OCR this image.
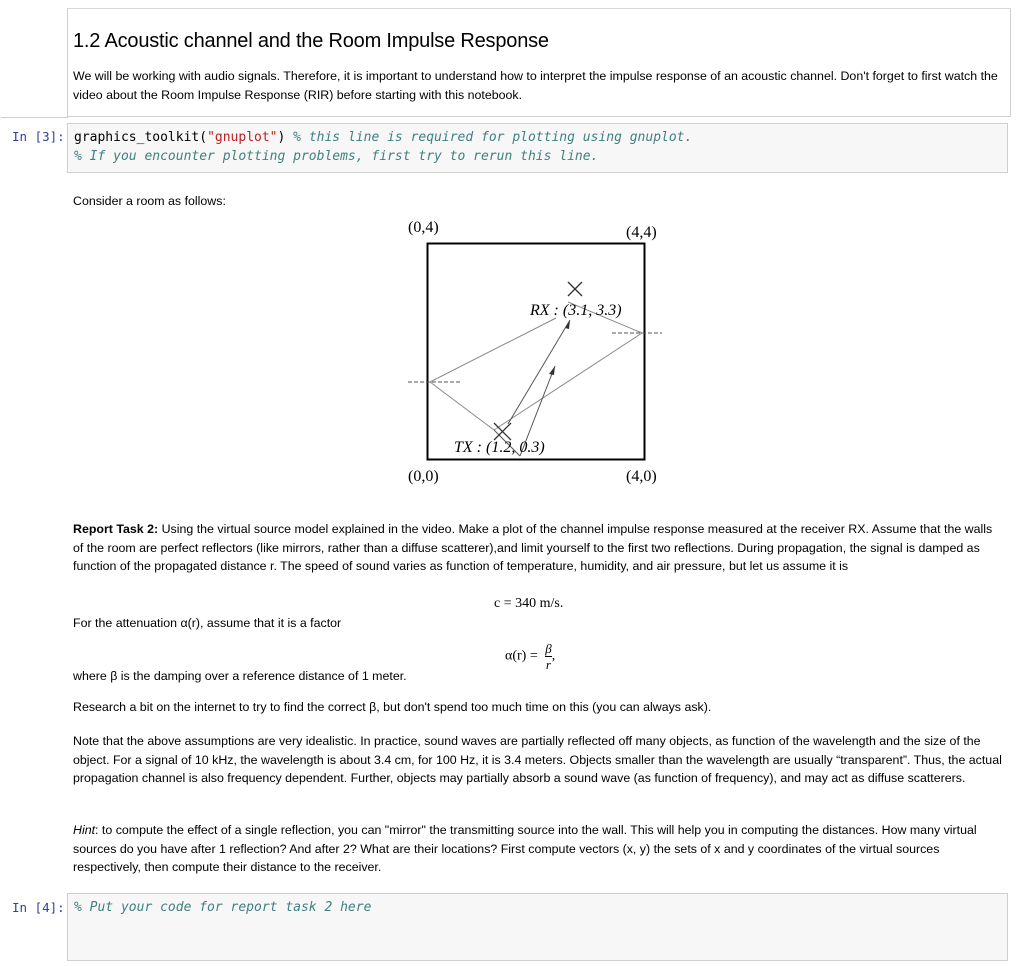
1.2 Acoustic channel and the Room Impulse Response

We will be working with audio signals. Therefore, it is important to understand how to interpret the impulse response of an acoustic channel. Don't forget to first watch the video about the Room Impulse Response (RIR) before starting with this notebook.

In [3]: graphics_toolkit("gnuplot") % this line is required for plotting using gnuplot.
% If you encounter plotting problems, first try to rerun this line.

Consider a room as follows:

(0,4)	(4,4)
(0,0)	(4,0)
RX : (3.1, 3.3)
TX : (1.2, 0.3)

Report Task 2: Using the virtual source model explained in the video. Make a plot of the channel impulse response measured at the receiver RX. Assume that the walls of the room are perfect reflectors (like mirrors, rather than a diffuse scatterer),and limit yourself to the first two reflections. During propagation, the signal is damped as function of the propagated distance r. The speed of sound varies as function of temperature, humidity, and air pressure, but let us assume it is

c = 340 m/s.

For the attenuation α(r), assume that it is a factor

$\alpha(r) = \frac{\beta}{r}$ ,

where β is the damping over a reference distance of 1 meter.

Research a bit on the internet to try to find the correct β, but don't spend too much time on this (you can always ask).

Note that the above assumptions are very idealistic. In practice, sound waves are partially reflected off many objects, as function of the wavelength and the size of the object. For a signal of 10 kHz, the wavelength is about 3.4 cm, for 100 Hz, it is 3.4 meters. Objects smaller than the wavelength are usually “transparent”. Thus, the actual propagation channel is also frequency dependent. Further, objects may partially absorb a sound wave (as function of frequency), and may act as diffuse scatterers.

Hint: to compute the effect of a single reflection, you can "mirror" the transmitting source into the wall. This will help you in computing the distances. How many virtual sources do you have after 1 reflection? And after 2? What are their locations? First compute vectors (x, y) the sets of x and y coordinates of the virtual sources respectively, then compute their distance to the receiver.

In [4]: % Put your code for report task 2 here
